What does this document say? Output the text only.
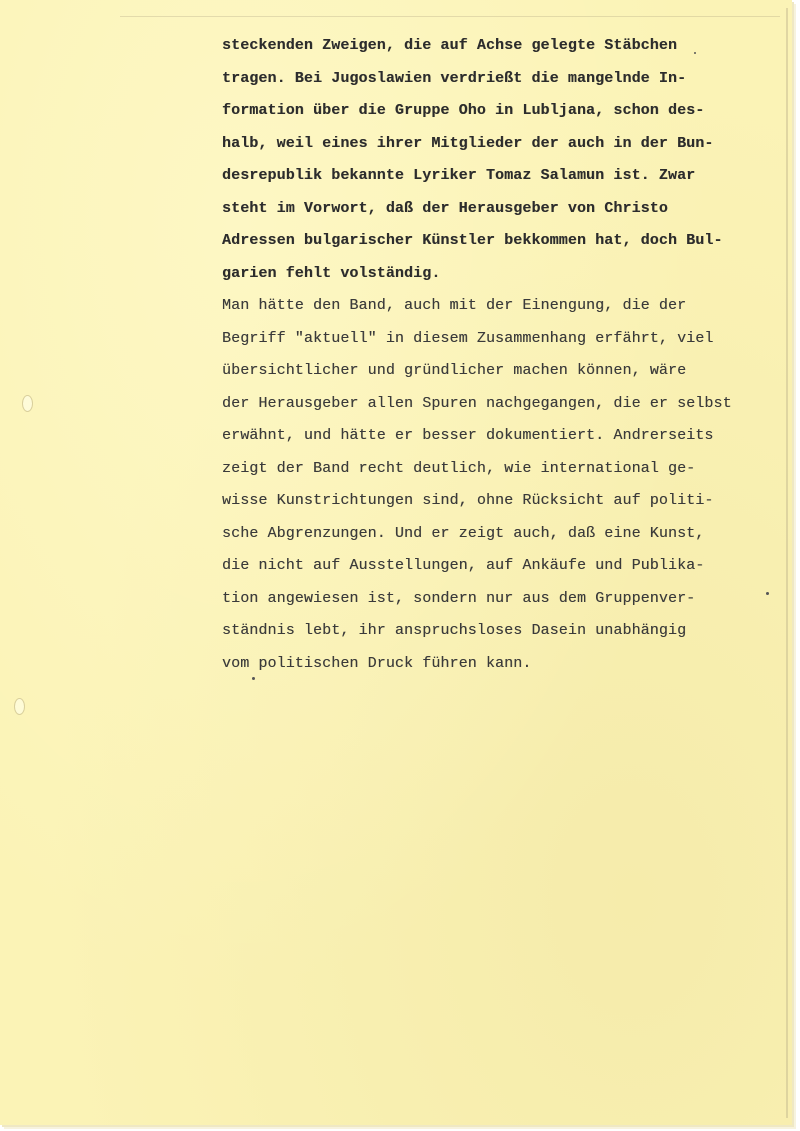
steckenden Zweigen, die auf Achse gelegte Stäbchen
tragen. Bei Jugoslawien verdrießt die mangelnde In-
formation über die Gruppe Oho in Lubljana, schon des-
halb, weil eines ihrer Mitglieder der auch in der Bun-
desrepublik bekannte Lyriker Tomaz Salamun ist. Zwar
steht im Vorwort, daß der Herausgeber von Christo
Adressen bulgarischer Künstler bekkommen hat, doch Bul-
garien fehlt volständig.
Man hätte den Band, auch mit der Einengung, die der
Begriff "aktuell" in diesem Zusammenhang erfährt, viel
übersichtlicher und gründlicher machen können, wäre
der Herausgeber allen Spuren nachgegangen, die er selbst
erwähnt, und hätte er besser dokumentiert. Andrerseits
zeigt der Band recht deutlich, wie international ge-
wisse Kunstrichtungen sind, ohne Rücksicht auf politi-
sche Abgrenzungen. Und er zeigt auch, daß eine Kunst,
die nicht auf Ausstellungen, auf Ankäufe und Publika-
tion angewiesen ist, sondern nur aus dem Gruppenver-
ständnis lebt, ihr anspruchsloses Dasein unabhängig
vom politischen Druck führen kann.
